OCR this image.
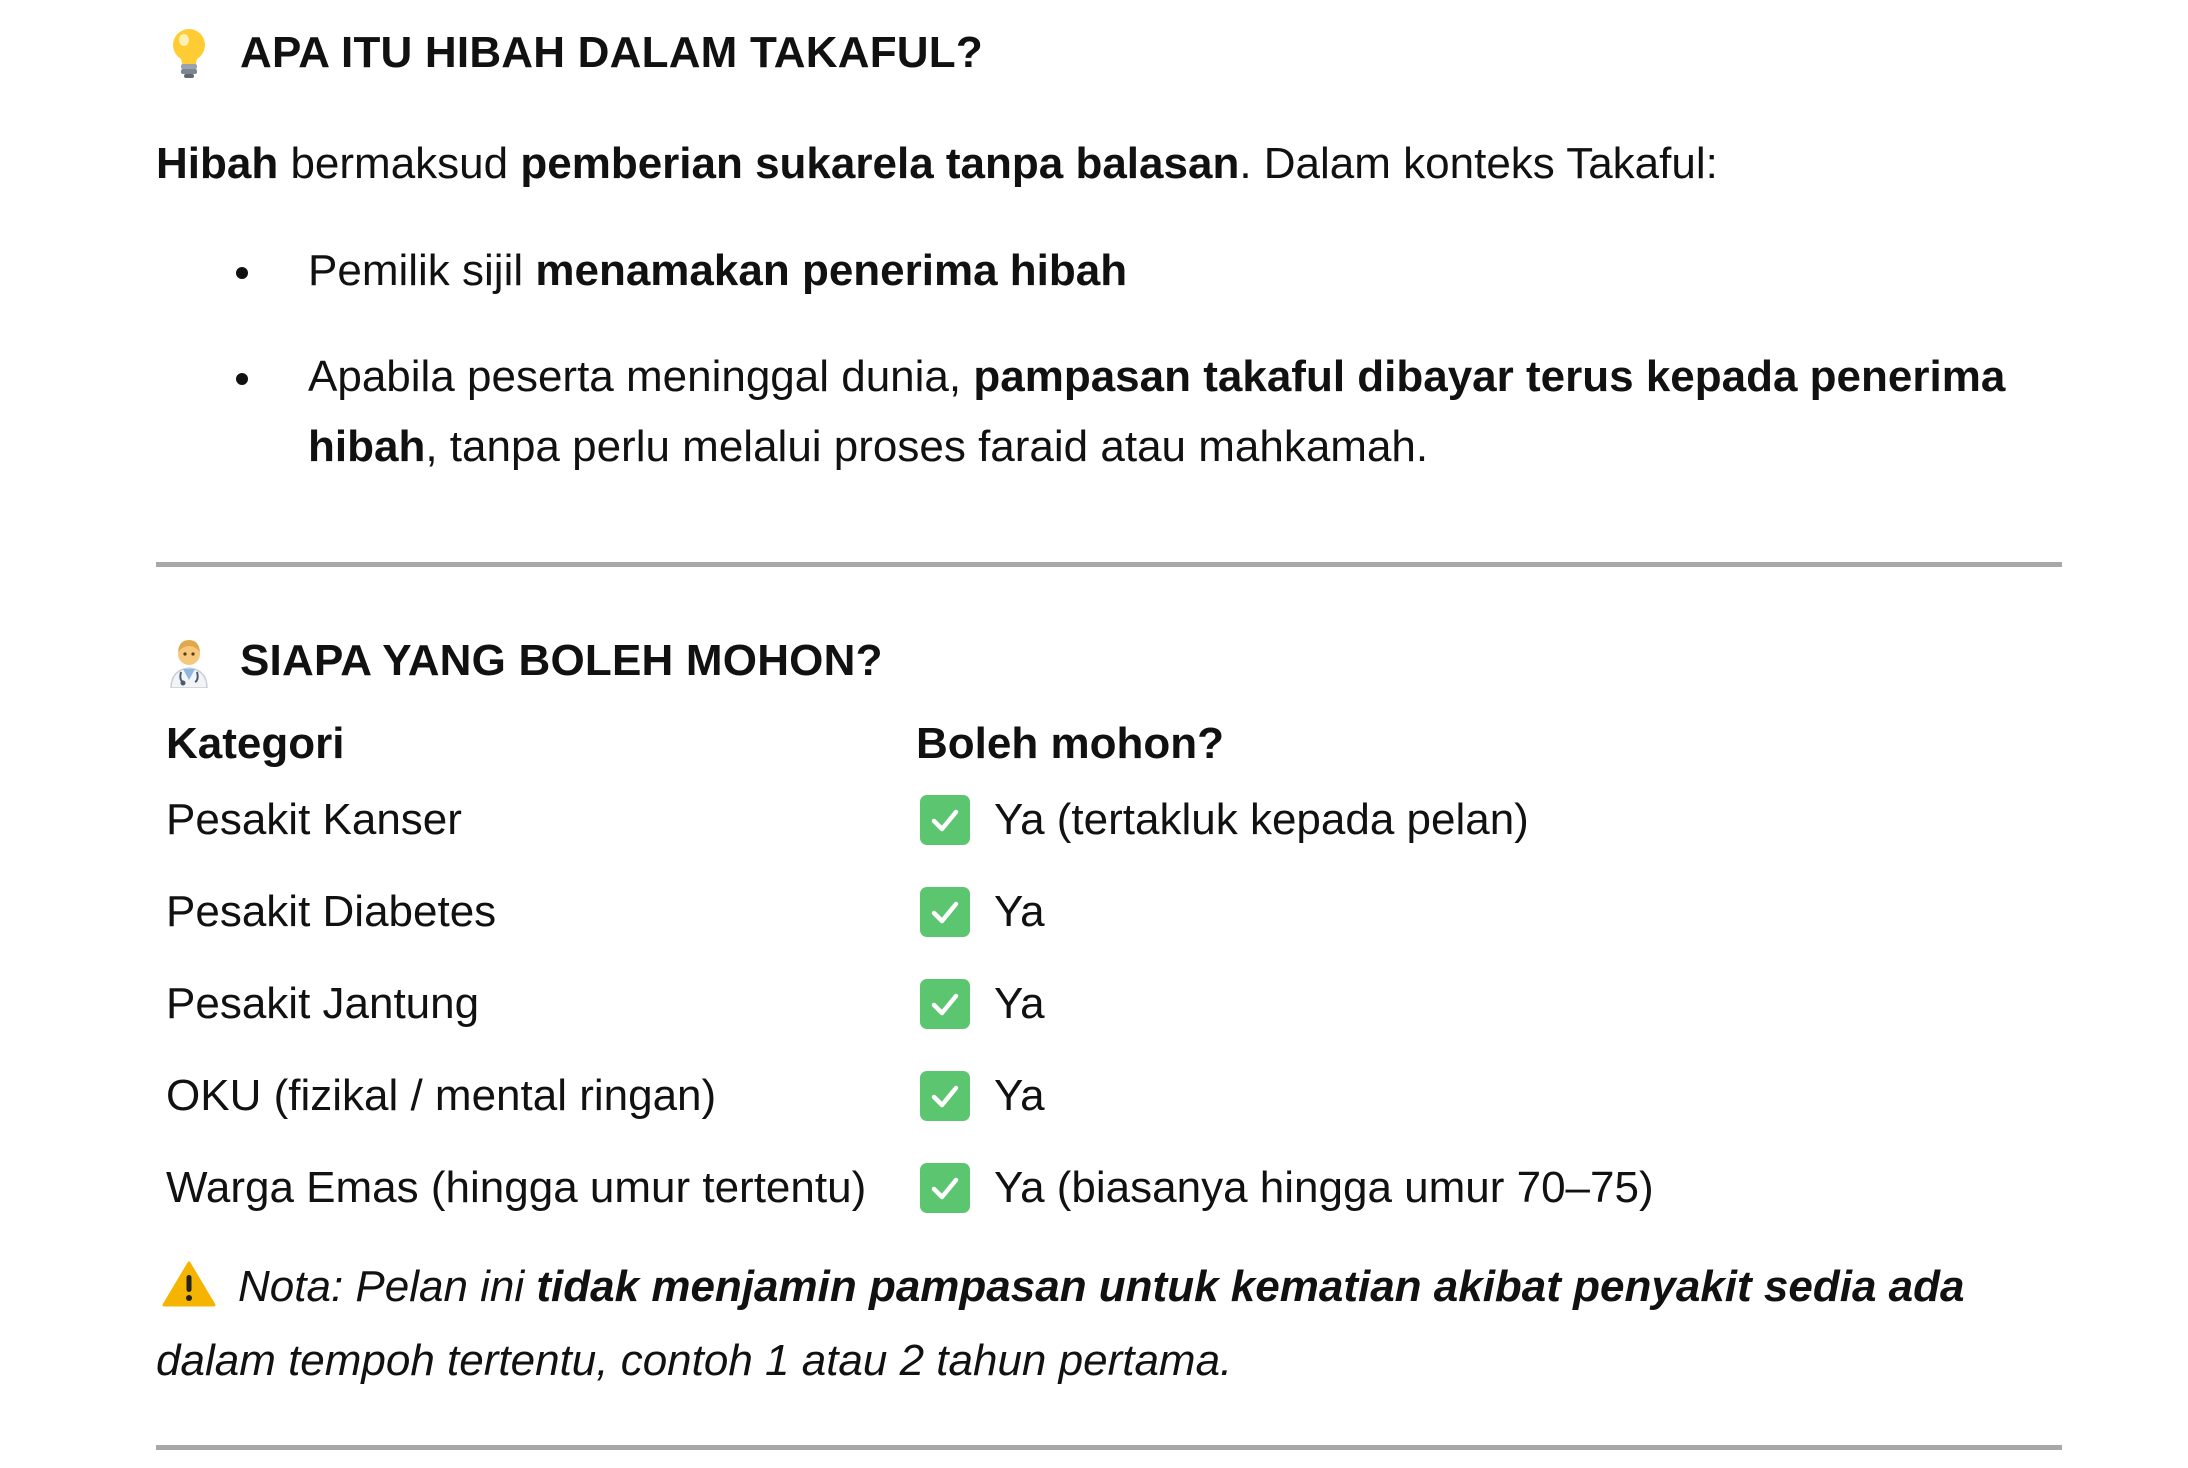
APA ITU HIBAH DALAM TAKAFUL?
Hibah bermaksud pemberian sukarela tanpa balasan. Dalam konteks Takaful:
Pemilik sijil menamakan penerima hibah
Apabila peserta meninggal dunia, pampasan takaful dibayar terus kepada penerima hibah, tanpa perlu melalui proses faraid atau mahkamah.
SIAPA YANG BOLEH MOHON?
Kategori	Boleh mohon?
Pesakit Kanser	Ya (tertakluk kepada pelan)
Pesakit Diabetes	Ya
Pesakit Jantung	Ya
OKU (fizikal / mental ringan)	Ya
Warga Emas (hingga umur tertentu)	Ya (biasanya hingga umur 70–75)
Nota: Pelan ini tidak menjamin pampasan untuk kematian akibat penyakit sedia ada dalam tempoh tertentu, contoh 1 atau 2 tahun pertama.
